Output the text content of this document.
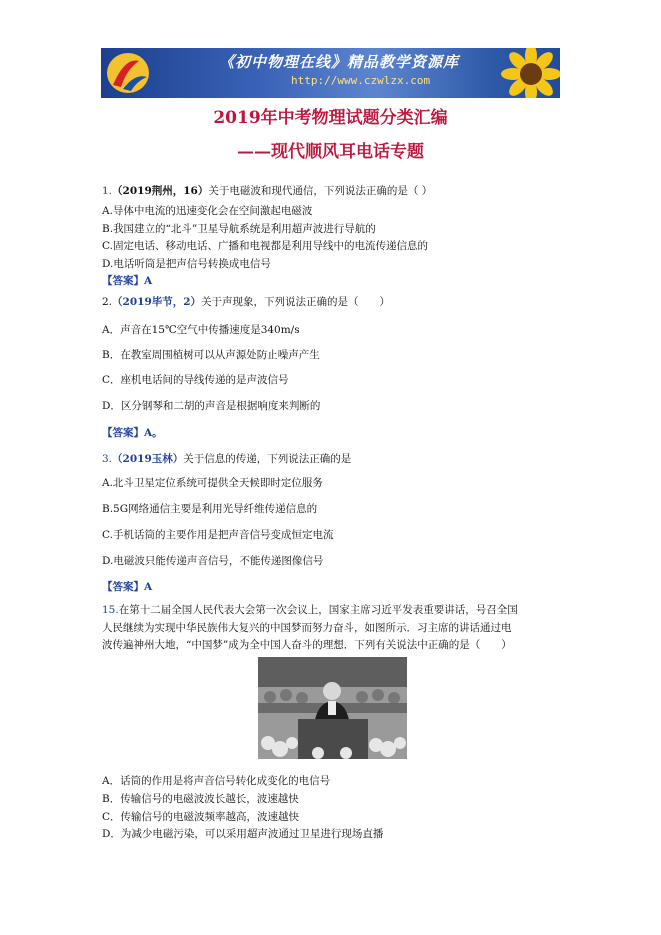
《初中物理在线》精品教学资源库
http://www.czwlzx.com
2019年中考物理试题分类汇编
——现代顺风耳电话专题
1.（2019荆州，16）关于电磁波和现代通信，下列说法正确的是（ ）
A.导体中电流的迅速变化会在空间激起电磁波
B.我国建立的“北斗”卫星导航系统是利用超声波进行导航的
C.固定电话、移动电话、广播和电视都是利用导线中的电流传递信息的
D.电话听筒是把声信号转换成电信号
【答案】A
2.（2019毕节，2）关于声现象，下列说法正确的是（　　）
A．声音在15℃空气中传播速度是340m/s
B．在教室周围植树可以从声源处防止噪声产生
C．座机电话间的导线传递的是声波信号
D．区分钢琴和二胡的声音是根据响度来判断的
【答案】A。
3.（2019玉林）关于信息的传递，下列说法正确的是
A.北斗卫星定位系统可提供全天候即时定位服务
B.5G网络通信主要是利用光导纤维传递信息的
C.手机话筒的主要作用是把声音信号变成恒定电流
D.电磁波只能传递声音信号，不能传递图像信号
【答案】A
15.在第十二届全国人民代表大会第一次会议上，国家主席习近平发表重要讲话，号召全国
人民继续为实现中华民族伟大复兴的中国梦而努力奋斗，如图所示．习主席的讲话通过电
波传遍神州大地，“中国梦”成为全中国人奋斗的理想．下列有关说法中正确的是（　　）
A．话筒的作用是将声音信号转化成变化的电信号
B．传输信号的电磁波波长越长，波速越快
C．传输信号的电磁波频率越高，波速越快
D．为减少电磁污染，可以采用超声波通过卫星进行现场直播
